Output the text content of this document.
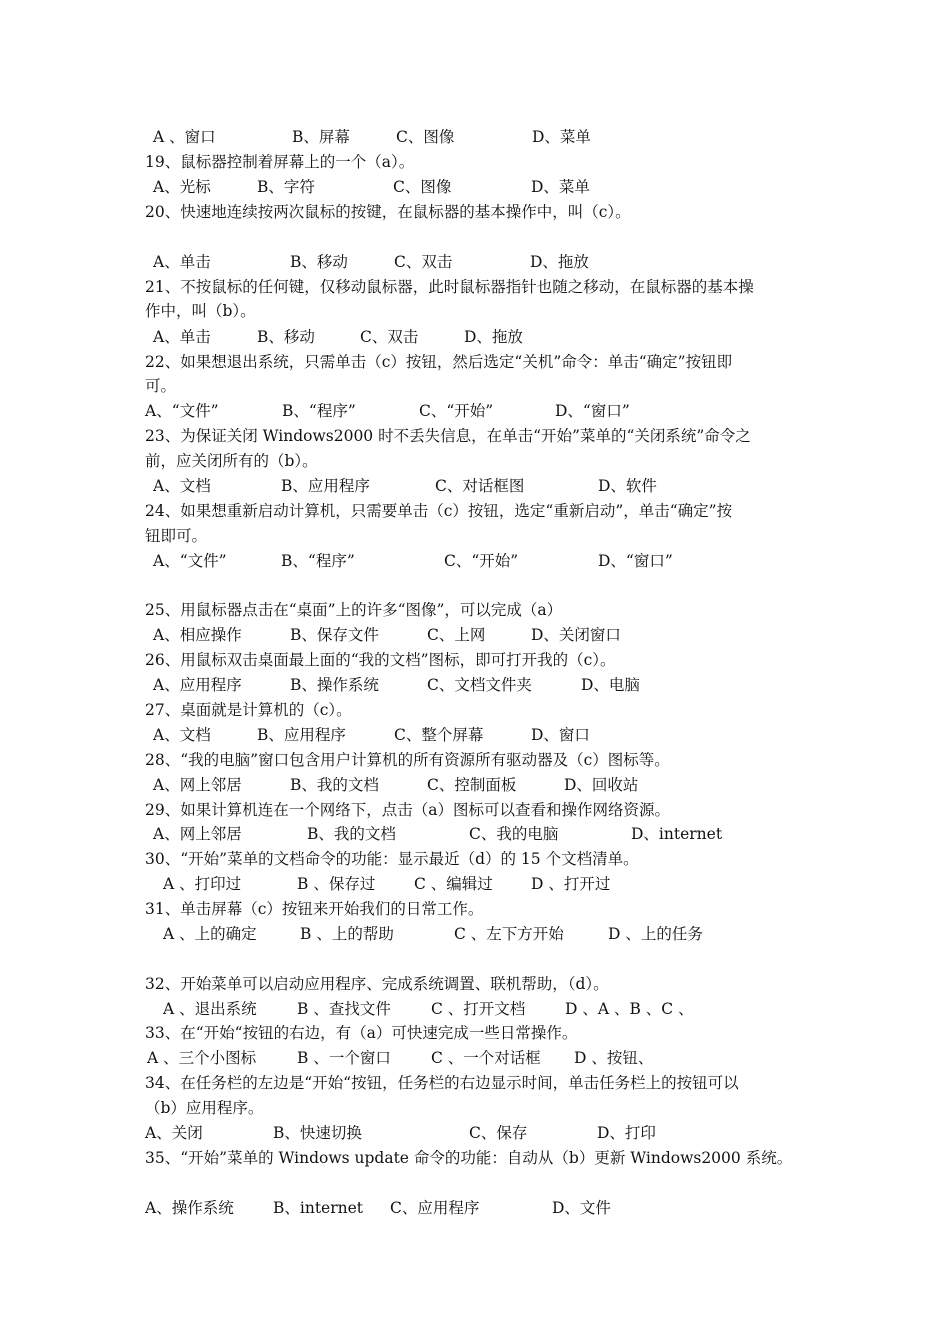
A 、窗口	B、屏幕	C、图像	D、菜单
19、鼠标器控制着屏幕上的一个（a）。
A、光标	B、字符	C、图像	D、菜单
20、快速地连续按两次鼠标的按键，在鼠标器的基本操作中，叫（c）。
A、单击	B、移动	C、双击	D、拖放
21、不按鼠标的任何键，仅移动鼠标器，此时鼠标器指针也随之移动，在鼠标器的基本操
作中，叫（b）。
A、单击	B、移动	C、双击	D、拖放
22、如果想退出系统，只需单击（c）按钮，然后选定“关机”命令：单击“确定”按钮即
可。
A、“文件”	B、“程序”	C、“开始”	D、“窗口”
23、为保证关闭 Windows2000 时不丢失信息，在单击“开始”菜单的“关闭系统”命令之
前，应关闭所有的（b）。
A、文档	B、应用程序	C、对话框图	D、软件
24、如果想重新启动计算机，只需要单击（c）按钮，选定“重新启动”，单击“确定”按
钮即可。
A、“文件”	B、“程序”	C、“开始”	D、“窗口”
25、用鼠标器点击在“桌面”上的许多“图像”，可以完成（a）
A、相应操作	B、保存文件	C、上网	D、关闭窗口
26、用鼠标双击桌面最上面的“我的文档”图标，即可打开我的（c）。
A、应用程序	B、操作系统	C、文档文件夹	D、电脑
27、桌面就是计算机的（c）。
A、文档	B、应用程序	C、整个屏幕	D、窗口
28、“我的电脑”窗口包含用户计算机的所有资源所有驱动器及（c）图标等。
A、网上邻居	B、我的文档	C、控制面板	D、回收站
29、如果计算机连在一个网络下，点击（a）图标可以查看和操作网络资源。
A、网上邻居	B、我的文档	C、我的电脑	D、internet
30、“开始”菜单的文档命令的功能：显示最近（d）的 15 个文档清单。
A 、打印过	B 、保存过 C 、编辑过 D 、打开过
31、单击屏幕（c）按钮来开始我们的日常工作。
A 、上的确定	B 、上的帮助	C 、左下方开始	D 、上的任务
32、开始菜单可以启动应用程序、完成系统调置、联机帮助，（d）。
A 、退出系统	B 、查找文件	C 、打开文档	D 、A 、B 、C 、
33、在“开始“按钮的右边，有（a）可快速完成一些日常操作。
A 、三个小图标	B 、一个窗口	C 、一个对话框 D 、按钮、
34、在任务栏的左边是“开始“按钮，任务栏的右边显示时间，单击任务栏上的按钮可以
（b）应用程序。
A、关闭	B、快速切换	C、保存	D、打印
35、“开始”菜单的 Windows update 命令的功能：自动从（b）更新 Windows2000 系统。
A、操作系统	B、internet C、应用程序	D、文件
